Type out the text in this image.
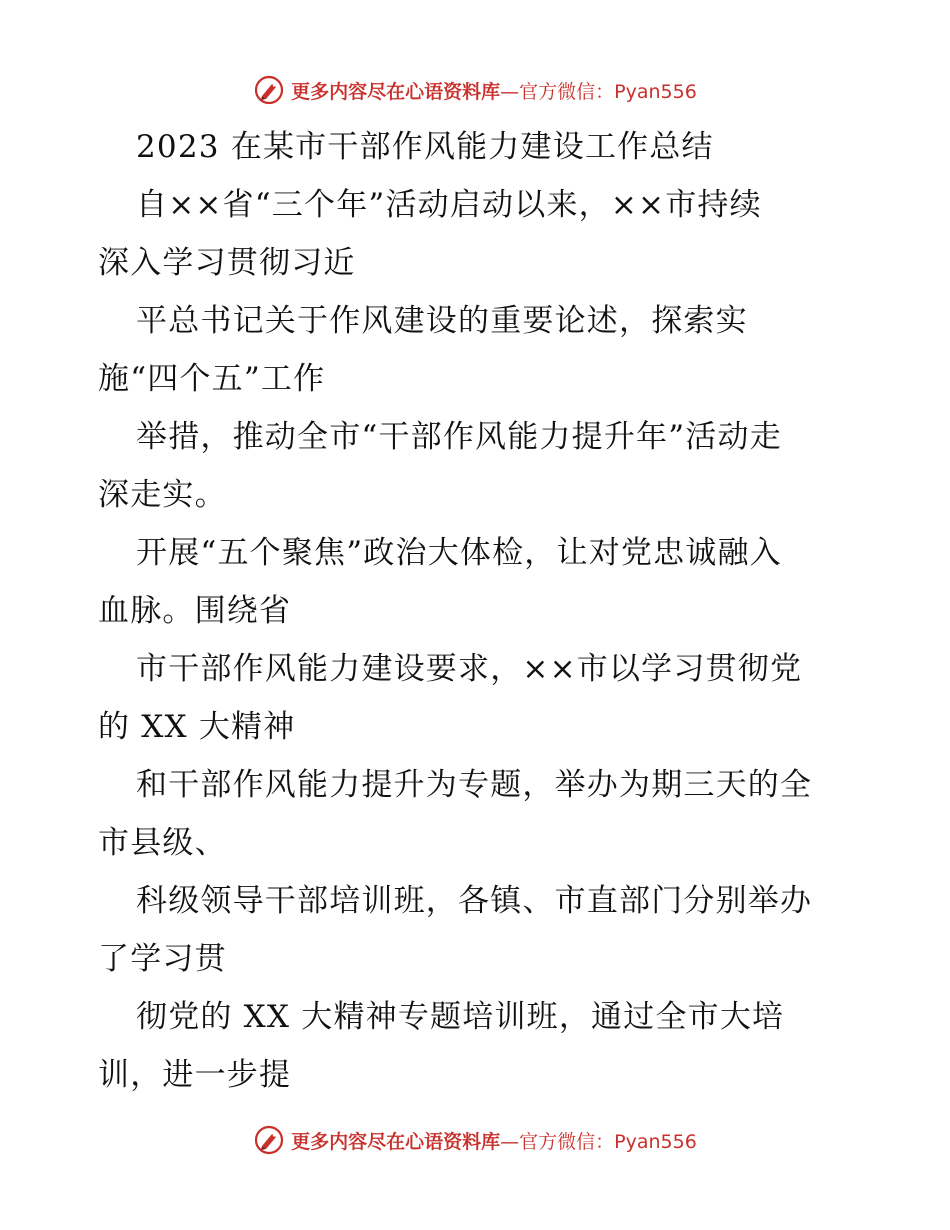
更多内容尽在心语资料库—官方微信：Pyan556
2023 在某市干部作风能力建设工作总结
自××省“三个年”活动启动以来，××市持续
深入学习贯彻习近
平总书记关于作风建设的重要论述，探索实
施“四个五”工作
举措，推动全市“干部作风能力提升年”活动走
深走实。
开展“五个聚焦”政治大体检，让对党忠诚融入
血脉。围绕省
市干部作风能力建设要求，××市以学习贯彻党
的 XX 大精神
和干部作风能力提升为专题，举办为期三天的全
市县级、
科级领导干部培训班，各镇、市直部门分别举办
了学习贯
彻党的 XX 大精神专题培训班，通过全市大培
训，进一步提
更多内容尽在心语资料库—官方微信：Pyan556
